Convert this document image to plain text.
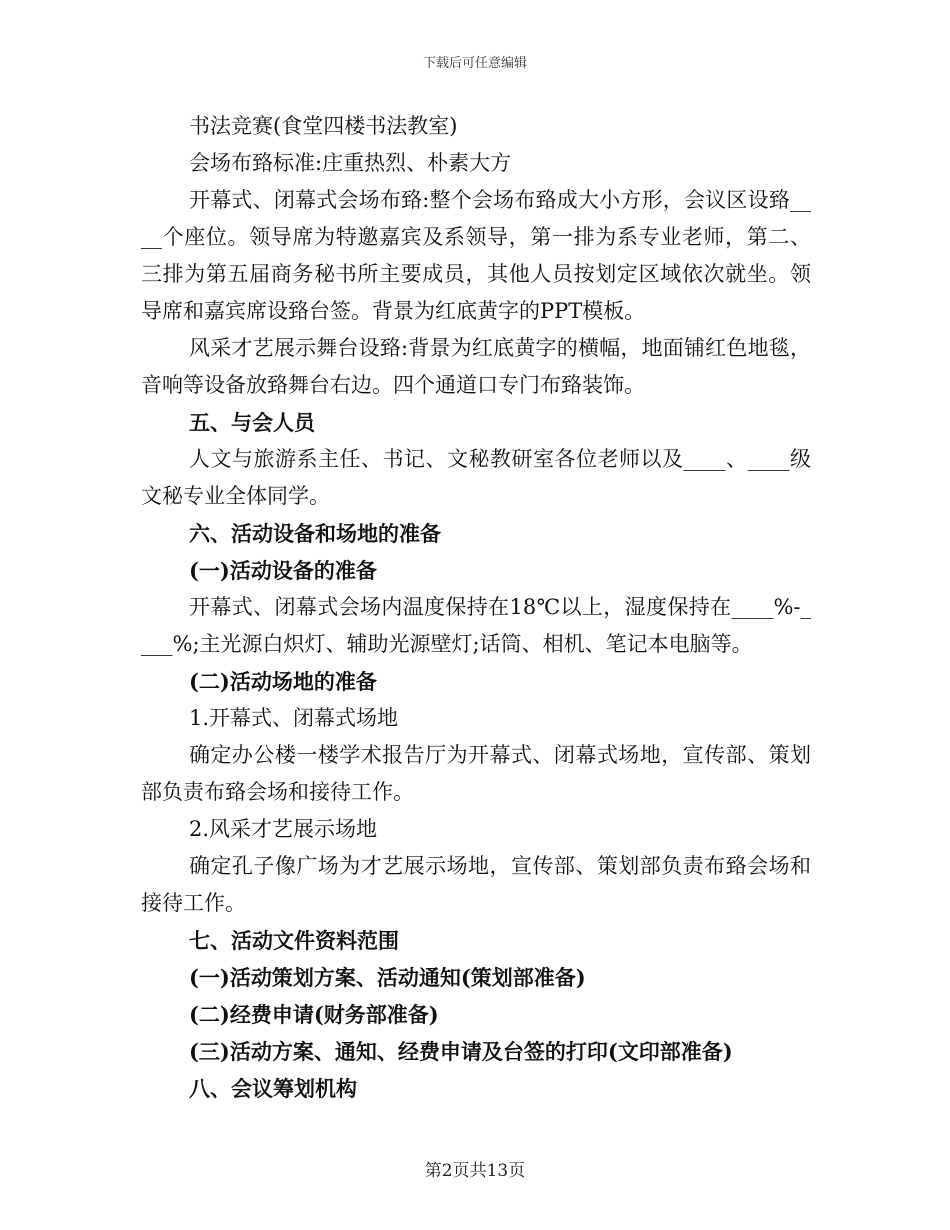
下载后可任意编辑

书法竞赛(食堂四楼书法教室)

会场布臵标准:庄重热烈、朴素大方

开幕式、闭幕式会场布臵:整个会场布臵成大小方形，会议区设臵____个座位。领导席为特邀嘉宾及系领导，第一排为系专业老师，第二、三排为第五届商务秘书所主要成员，其他人员按划定区域依次就坐。领导席和嘉宾席设臵台签。背景为红底黄字的PPT模板。

风采才艺展示舞台设臵:背景为红底黄字的横幅，地面铺红色地毯，音响等设备放臵舞台右边。四个通道口专门布臵装饰。

五、与会人员

人文与旅游系主任、书记、文秘教研室各位老师以及____、____级文秘专业全体同学。

六、活动设备和场地的准备

(一)活动设备的准备

开幕式、闭幕式会场内温度保持在18℃以上，湿度保持在____%-____%;主光源白炽灯、辅助光源壁灯;话筒、相机、笔记本电脑等。

(二)活动场地的准备

1.开幕式、闭幕式场地

确定办公楼一楼学术报告厅为开幕式、闭幕式场地，宣传部、策划部负责布臵会场和接待工作。

2.风采才艺展示场地

确定孔子像广场为才艺展示场地，宣传部、策划部负责布臵会场和接待工作。

七、活动文件资料范围

(一)活动策划方案、活动通知(策划部准备)

(二)经费申请(财务部准备)

(三)活动方案、通知、经费申请及台签的打印(文印部准备)

八、会议筹划机构

第2页共13页
